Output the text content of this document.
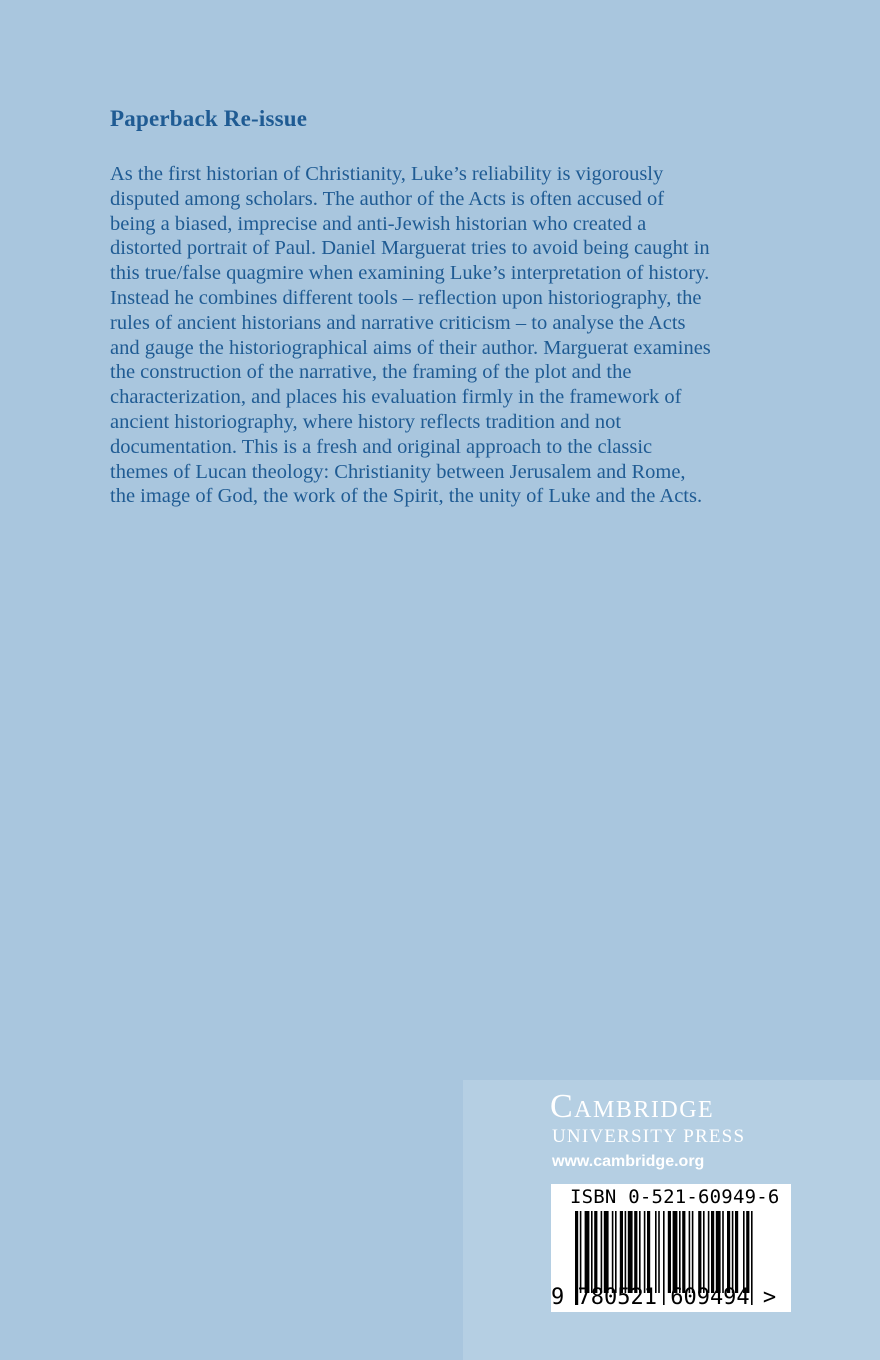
Paperback Re-issue
As the first historian of Christianity, Luke’s reliability is vigorously
disputed among scholars. The author of the Acts is often accused of
being a biased, imprecise and anti-Jewish historian who created a
distorted portrait of Paul. Daniel Marguerat tries to avoid being caught in
this true/false quagmire when examining Luke’s interpretation of history.
Instead he combines different tools – reflection upon historiography, the
rules of ancient historians and narrative criticism – to analyse the Acts
and gauge the historiographical aims of their author. Marguerat examines
the construction of the narrative, the framing of the plot and the
characterization, and places his evaluation firmly in the framework of
ancient historiography, where history reflects tradition and not
documentation. This is a fresh and original approach to the classic
themes of Lucan theology: Christianity between Jerusalem and Rome,
the image of God, the work of the Spirit, the unity of Luke and the Acts.
Cambridge
UNIVERSITY PRESS
www.cambridge.org
ISBN 0-521-60949-6
9 780521 609494 >
